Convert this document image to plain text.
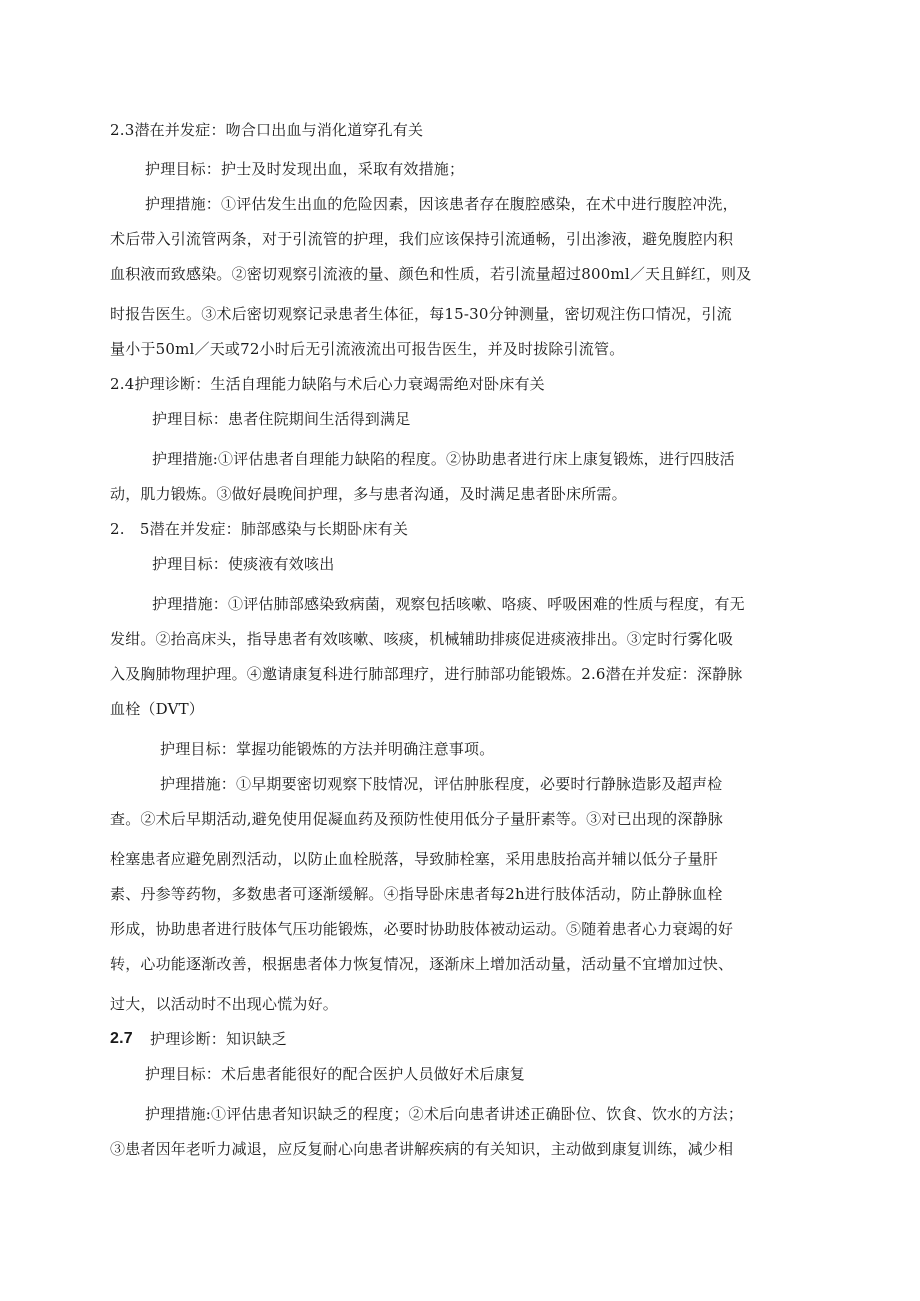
2.3潜在并发症：吻合口出血与消化道穿孔有关
护理目标：护士及时发现出血，采取有效措施；
护理措施：①评估发生出血的危险因素，因该患者存在腹腔感染，在术中进行腹腔冲洗，
术后带入引流管两条，对于引流管的护理，我们应该保持引流通畅，引出渗液，避免腹腔内积
血积液而致感染。②密切观察引流液的量、颜色和性质，若引流量超过800ml／天且鲜红，则及
时报告医生。③术后密切观察记录患者生体征，每15-30分钟测量，密切观注伤口情况，引流
量小于50ml／天或72小时后无引流液流出可报告医生，并及时拔除引流管。
2.4护理诊断：生活自理能力缺陷与术后心力衰竭需绝对卧床有关
护理目标：患者住院期间生活得到满足
护理措施:①评估患者自理能力缺陷的程度。②协助患者进行床上康复锻炼，进行四肢活
动，肌力锻炼。③做好晨晚间护理，多与患者沟通，及时满足患者卧床所需。
2.　5潜在并发症：肺部感染与长期卧床有关
护理目标：使痰液有效咳出
护理措施：①评估肺部感染致病菌，观察包括咳嗽、咯痰、呼吸困难的性质与程度，有无
发绀。②抬高床头，指导患者有效咳嗽、咳痰，机械辅助排痰促进痰液排出。③定时行雾化吸
入及胸肺物理护理。④邀请康复科进行肺部理疗，进行肺部功能锻炼。2.6潜在并发症：深静脉
血栓（DVT）
护理目标：掌握功能锻炼的方法并明确注意事项。
护理措施：①早期要密切观察下肢情况，评估肿胀程度，必要时行静脉造影及超声检
查。②术后早期活动,避免使用促凝血药及预防性使用低分子量肝素等。③对已出现的深静脉
栓塞患者应避免剧烈活动，以防止血栓脱落，导致肺栓塞，采用患肢抬高并辅以低分子量肝
素、丹参等药物，多数患者可逐渐缓解。④指导卧床患者每2h进行肢体活动，防止静脉血栓
形成，协助患者进行肢体气压功能锻炼，必要时协助肢体被动运动。⑤随着患者心力衰竭的好
转，心功能逐渐改善，根据患者体力恢复情况，逐渐床上增加活动量，活动量不宜增加过快、
过大，以活动时不出现心慌为好。
2.7 护理诊断：知识缺乏
护理目标：术后患者能很好的配合医护人员做好术后康复
护理措施:①评估患者知识缺乏的程度；②术后向患者讲述正确卧位、饮食、饮水的方法；
③患者因年老听力减退，应反复耐心向患者讲解疾病的有关知识，主动做到康复训练，减少相
